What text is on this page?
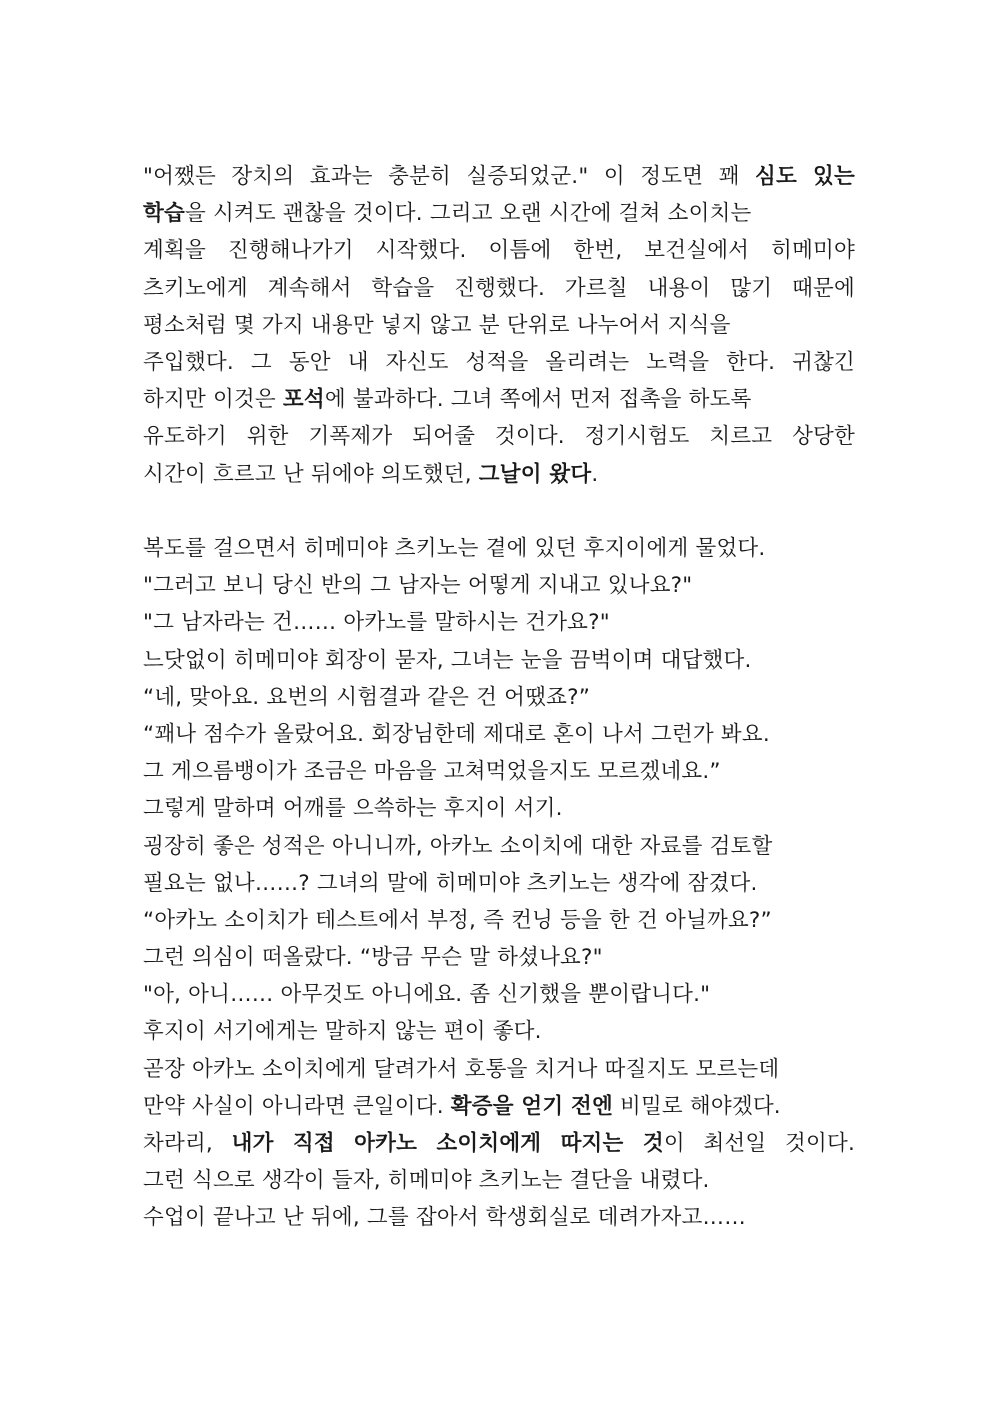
"어쨌든 장치의 효과는 충분히 실증되었군." 이 정도면 꽤 심도 있는
학습을 시켜도 괜찮을 것이다. 그리고 오랜 시간에 걸쳐 소이치는
계획을 진행해나가기 시작했다. 이틈에 한번, 보건실에서 히메미야
츠키노에게 계속해서 학습을 진행했다. 가르칠 내용이 많기 때문에
평소처럼 몇 가지 내용만 넣지 않고 분 단위로 나누어서 지식을
주입했다. 그 동안 내 자신도 성적을 올리려는 노력을 한다. 귀찮긴
하지만 이것은 포석에 불과하다. 그녀 쪽에서 먼저 접촉을 하도록
유도하기 위한 기폭제가 되어줄 것이다. 정기시험도 치르고 상당한
시간이 흐르고 난 뒤에야 의도했던, 그날이 왔다.
복도를 걸으면서 히메미야 츠키노는 곁에 있던 후지이에게 물었다.
"그러고 보니 당신 반의 그 남자는 어떻게 지내고 있나요?"
"그 남자라는 건…… 아카노를 말하시는 건가요?"
느닷없이 히메미야 회장이 묻자, 그녀는 눈을 끔벅이며 대답했다.
“네, 맞아요. 요번의 시험결과 같은 건 어땠죠?”
“꽤나 점수가 올랐어요. 회장님한데 제대로 혼이 나서 그런가 봐요.
그 게으름뱅이가 조금은 마음을 고쳐먹었을지도 모르겠네요.”
그렇게 말하며 어깨를 으쓱하는 후지이 서기.
굉장히 좋은 성적은 아니니까, 아카노 소이치에 대한 자료를 검토할
필요는 없나……? 그녀의 말에 히메미야 츠키노는 생각에 잠겼다.
“아카노 소이치가 테스트에서 부정, 즉 컨닝 등을 한 건 아닐까요?”
그런 의심이 떠올랐다. “방금 무슨 말 하셨나요?"
"아, 아니…… 아무것도 아니에요. 좀 신기했을 뿐이랍니다."
후지이 서기에게는 말하지 않는 편이 좋다.
곧장 아카노 소이치에게 달려가서 호통을 치거나 따질지도 모르는데
만약 사실이 아니라면 큰일이다. 확증을 얻기 전엔 비밀로 해야겠다.
차라리, 내가 직접 아카노 소이치에게 따지는 것이 최선일 것이다.
그런 식으로 생각이 들자, 히메미야 츠키노는 결단을 내렸다.
수업이 끝나고 난 뒤에, 그를 잡아서 학생회실로 데려가자고……
